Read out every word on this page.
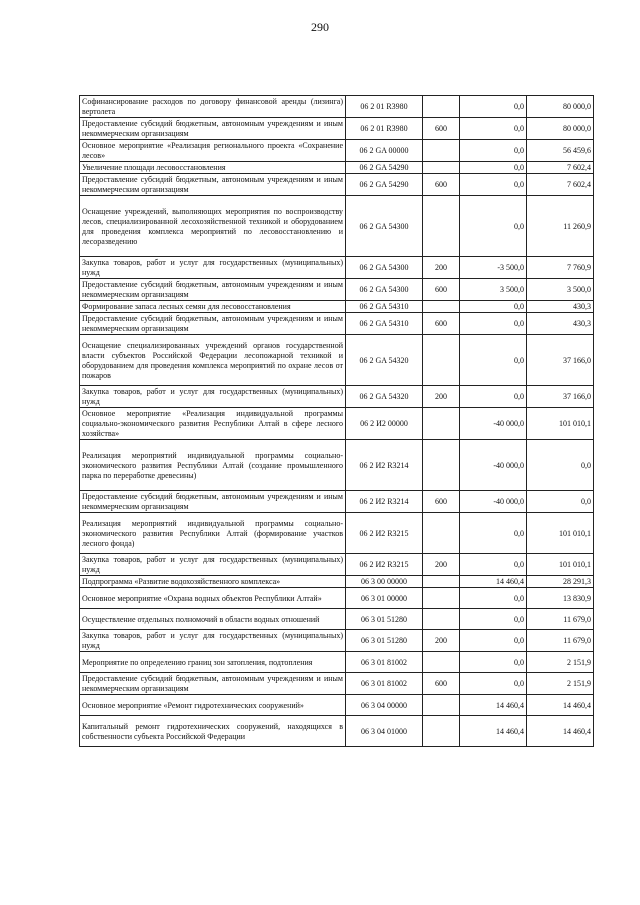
290
Софинансирование расходов по договору финансовой аренды (лизинга) вертолета	06 2 01 R3980		0,0	80 000,0
Предоставление субсидий бюджетным, автономным учреждениям и иным некоммерческим организациям	06 2 01 R3980	600	0,0	80 000,0
Основное мероприятие «Реализация регионального проекта «Сохранение лесов»	06 2 GA 00000		0,0	56 459,6
Увеличение площади лесовосстановления	06 2 GA 54290		0,0	7 602,4
Предоставление субсидий бюджетным, автономным учреждениям и иным некоммерческим организациям	06 2 GA 54290	600	0,0	7 602,4
Оснащение учреждений, выполняющих мероприятия по воспроизводству лесов, специализированной лесохозяйственной техникой и оборудованием для проведения комплекса мероприятий по лесовосстановлению и лесоразведению	06 2 GA 54300		0,0	11 260,9
Закупка товаров, работ и услуг для государственных (муниципальных) нужд	06 2 GA 54300	200	-3 500,0	7 760,9
Предоставление субсидий бюджетным, автономным учреждениям и иным некоммерческим организациям	06 2 GA 54300	600	3 500,0	3 500,0
Формирование запаса лесных семян для лесовосстановления	06 2 GA 54310		0,0	430,3
Предоставление субсидий бюджетным, автономным учреждениям и иным некоммерческим организациям	06 2 GA 54310	600	0,0	430,3
Оснащение специализированных учреждений органов государственной власти субъектов Российской Федерации лесопожарной техникой и оборудованием для проведения комплекса мероприятий по охране лесов от пожаров	06 2 GA 54320		0,0	37 166,0
Закупка товаров, работ и услуг для государственных (муниципальных) нужд	06 2 GA 54320	200	0,0	37 166,0
Основное мероприятие «Реализация индивидуальной программы социально-экономического развития Республики Алтай в сфере лесного хозяйства»	06 2 И2 00000		-40 000,0	101 010,1
Реализация мероприятий индивидуальной программы социально-экономического развития Республики Алтай (создание промышленного парка по переработке древесины)	06 2 И2 R3214		-40 000,0	0,0
Предоставление субсидий бюджетным, автономным учреждениям и иным некоммерческим организациям	06 2 И2 R3214	600	-40 000,0	0,0
Реализация мероприятий индивидуальной программы социально-экономического развития Республики Алтай (формирование участков лесного фонда)	06 2 И2 R3215		0,0	101 010,1
Закупка товаров, работ и услуг для государственных (муниципальных) нужд	06 2 И2 R3215	200	0,0	101 010,1
Подпрограмма «Развитие водохозяйственного комплекса»	06 3 00 00000		14 460,4	28 291,3
Основное мероприятие «Охрана водных объектов Республики Алтай»	06 3 01 00000		0,0	13 830,9
Осуществление отдельных полномочий в области водных отношений	06 3 01 51280		0,0	11 679,0
Закупка товаров, работ и услуг для государственных (муниципальных) нужд	06 3 01 51280	200	0,0	11 679,0
Мероприятие по определению границ зон затопления, подтопления	06 3 01 81002		0,0	2 151,9
Предоставление субсидий бюджетным, автономным учреждениям и иным некоммерческим организациям	06 3 01 81002	600	0,0	2 151,9
Основное мероприятие «Ремонт гидротехнических сооружений»	06 3 04 00000		14 460,4	14 460,4
Капитальный ремонт гидротехнических сооружений, находящихся в собственности субъекта Российской Федерации	06 3 04 01000		14 460,4	14 460,4
